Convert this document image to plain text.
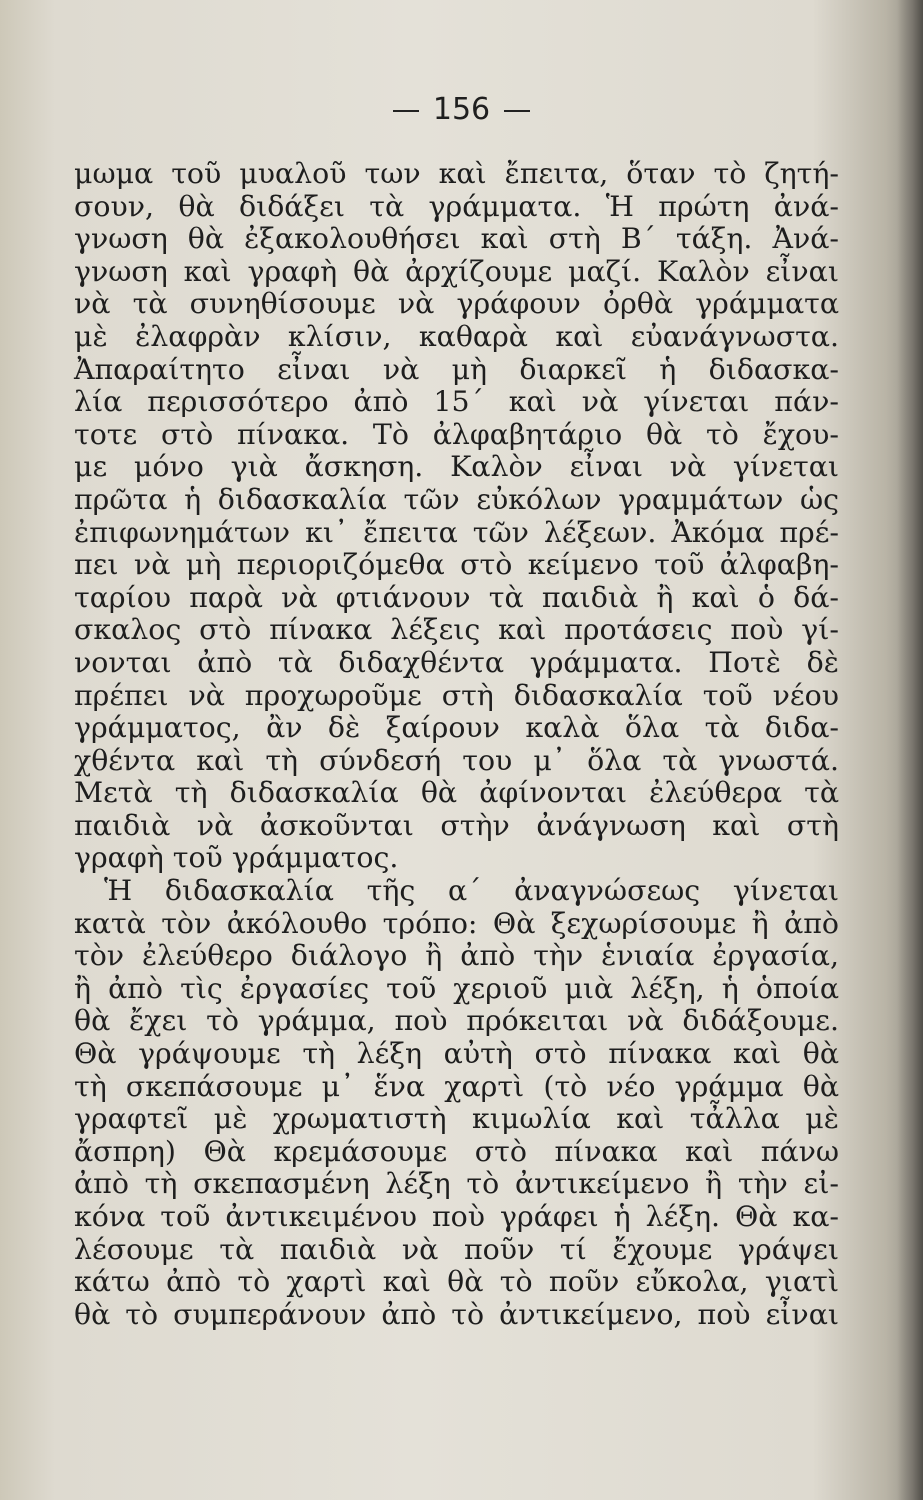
156
μωμα τοῦ μυαλοῦ των καὶ ἔπειτα, ὅταν τὸ ζητή-
σουν, θὰ διδάξει τὰ γράμματα. Ἡ πρώτη ἀνά-
γνωση θὰ ἐξακολουθήσει καὶ στὴ Β΄ τάξη. Ἀνά-
γνωση καὶ γραφὴ θὰ ἀρχίζουμε μαζί. Καλὸν εἶναι
νὰ τὰ συνηθίσουμε νὰ γράφουν ὀρθὰ γράμματα
μὲ ἐλαφρὰν κλίσιν, καθαρὰ καὶ εὐανάγνωστα.
Ἀπαραίτητο εἶναι νὰ μὴ διαρκεῖ ἡ διδασκα-
λία περισσότερο ἀπὸ 15΄ καὶ νὰ γίνεται πάν-
τοτε στὸ πίνακα. Τὸ ἀλφαβητάριο θὰ τὸ ἔχου-
με μόνο γιὰ ἄσκηση. Καλὸν εἶναι νὰ γίνεται
πρῶτα ἡ διδασκαλία τῶν εὐκόλων γραμμάτων ὡς
ἐπιφωνημάτων κι᾽ ἔπειτα τῶν λέξεων. Ἀκόμα πρέ-
πει νὰ μὴ περιοριζόμεθα στὸ κείμενο τοῦ ἀλφαβη-
ταρίου παρὰ νὰ φτιάνουν τὰ παιδιὰ ἢ καὶ ὁ δά-
σκαλος στὸ πίνακα λέξεις καὶ προτάσεις ποὺ γί-
νονται ἀπὸ τὰ διδαχθέντα γράμματα. Ποτὲ δὲ
πρέπει νὰ προχωροῦμε στὴ διδασκαλία τοῦ νέου
γράμματος, ἂν δὲ ξαίρουν καλὰ ὅλα τὰ διδα-
χθέντα καὶ τὴ σύνδεσή του μ᾽ ὅλα τὰ γνωστά.
Μετὰ τὴ διδασκαλία θὰ ἀφίνονται ἐλεύθερα τὰ
παιδιὰ νὰ ἀσκοῦνται στὴν ἀνάγνωση καὶ στὴ
γραφὴ τοῦ γράμματος.
Ἡ διδασκαλία τῆς α΄ ἀναγνώσεως γίνεται
κατὰ τὸν ἀκόλουθο τρόπο: Θὰ ξεχωρίσουμε ἢ ἀπὸ
τὸν ἐλεύθερο διάλογο ἢ ἀπὸ τὴν ἑνιαία ἐργασία,
ἢ ἀπὸ τὶς ἐργασίες τοῦ χεριοῦ μιὰ λέξη, ἡ ὁποία
θὰ ἔχει τὸ γράμμα, ποὺ πρόκειται νὰ διδάξουμε.
Θὰ γράψουμε τὴ λέξη αὐτὴ στὸ πίνακα καὶ θὰ
τὴ σκεπάσουμε μ᾽ ἕνα χαρτὶ (τὸ νέο γράμμα θὰ
γραφτεῖ μὲ χρωματιστὴ κιμωλία καὶ τἆλλα μὲ
ἄσπρη) Θὰ κρεμάσουμε στὸ πίνακα καὶ πάνω
ἀπὸ τὴ σκεπασμένη λέξη τὸ ἀντικείμενο ἢ τὴν εἰ-
κόνα τοῦ ἀντικειμένου ποὺ γράφει ἡ λέξη. Θὰ κα-
λέσουμε τὰ παιδιὰ νὰ ποῦν τί ἔχουμε γράψει
κάτω ἀπὸ τὸ χαρτὶ καὶ θὰ τὸ ποῦν εὔκολα, γιατὶ
θὰ τὸ συμπεράνουν ἀπὸ τὸ ἀντικείμενο, ποὺ εἶναι
